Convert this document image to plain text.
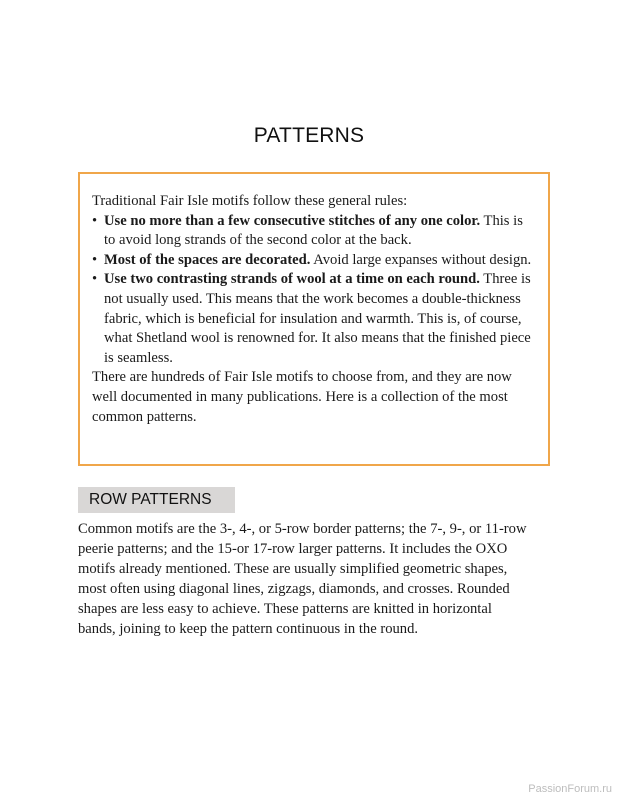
PATTERNS

Traditional Fair Isle motifs follow these general rules:

• Use no more than a few consecutive stitches of any one color. This is to avoid long strands of the second color at the back.
• Most of the spaces are decorated. Avoid large expanses without design.
• Use two contrasting strands of wool at a time on each round. Three is not usually used. This means that the work becomes a double-thickness fabric, which is beneficial for insulation and warmth. This is, of course, what Shetland wool is renowned for. It also means that the finished piece is seamless.

There are hundreds of Fair Isle motifs to choose from, and they are now well documented in many publications. Here is a collection of the most common patterns.

ROW PATTERNS

Common motifs are the 3-, 4-, or 5-row border patterns; the 7-, 9-, or 11-row peerie patterns; and the 15-or 17-row larger patterns. It includes the OXO motifs already mentioned. These are usually simplified geometric shapes, most often using diagonal lines, zigzags, diamonds, and crosses. Rounded shapes are less easy to achieve. These patterns are knitted in horizontal bands, joining to keep the pattern continuous in the round.

PassionForum.ru
